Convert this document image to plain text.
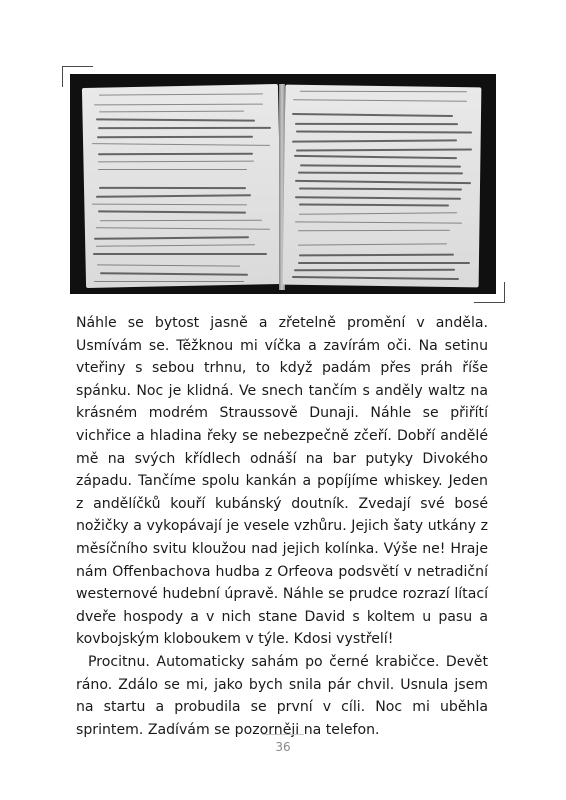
Náhle se bytost jasně a zřetelně promění v anděla. Usmívám se. Těžknou mi víčka a zavírám oči. Na setinu vteřiny s sebou trhnu, to když padám přes práh říše spánku. Noc je klidná. Ve snech tančím s anděly waltz na krásném modrém Straussově Dunaji. Náhle se přiřítí vichřice a hladina řeky se nebezpečně zčeří. Dobří andělé mě na svých křídlech odnáší na bar putyky Divokého západu. Tančíme spolu kankán a popíjíme whiskey. Jeden z andělíčků kouří kubánský doutník. Zvedají své bosé nožičky a vykopávají je vesele vzhůru. Jejich šaty utkány z měsíčního svitu kloužou nad jejich kolínka. Výše ne! Hraje nám Offenbachova hudba z Orfeova podsvětí v netradiční westernové hudební úpravě. Náhle se prudce rozrazí lítací dveře hospody a v nich stane David s koltem u pasu a kovbojským kloboukem v týle. Kdosi vystřelí!

Procitnu. Automaticky sahám po černé krabičce. Devět ráno. Zdálo se mi, jako bych snila pár chvil. Usnula jsem na startu a probudila se první v cíli. Noc mi uběhla sprintem. Zadívám se pozorněji na telefon.

36
